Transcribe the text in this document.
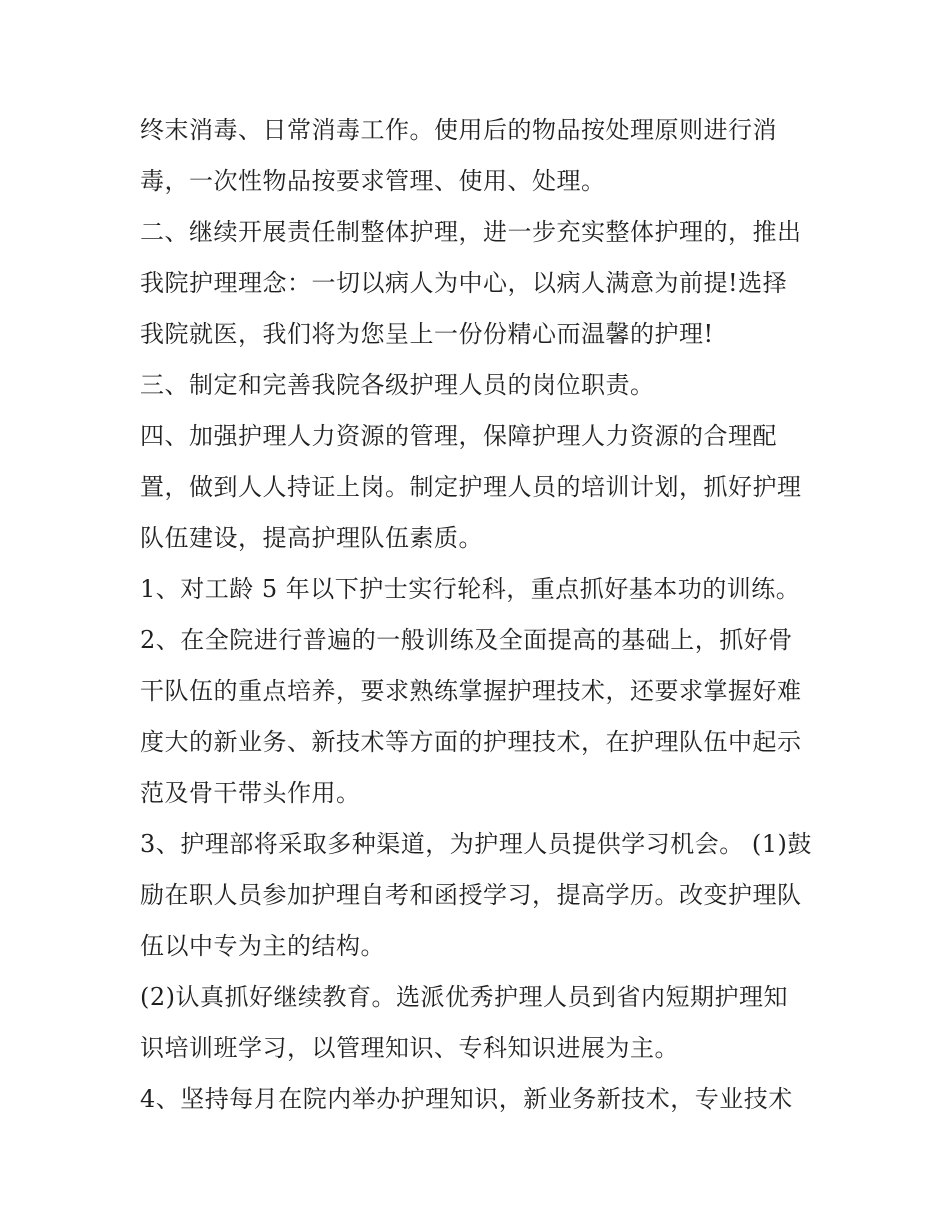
终末消毒、日常消毒工作。使用后的物品按处理原则进行消
毒，一次性物品按要求管理、使用、处理。
二、继续开展责任制整体护理，进一步充实整体护理的，推出
我院护理理念：一切以病人为中心，以病人满意为前提!选择
我院就医，我们将为您呈上一份份精心而温馨的护理!
三、制定和完善我院各级护理人员的岗位职责。
四、加强护理人力资源的管理，保障护理人力资源的合理配
置，做到人人持证上岗。制定护理人员的培训计划，抓好护理
队伍建设，提高护理队伍素质。
1、对工龄 5 年以下护士实行轮科，重点抓好基本功的训练。
2、在全院进行普遍的一般训练及全面提高的基础上，抓好骨
干队伍的重点培养，要求熟练掌握护理技术，还要求掌握好难
度大的新业务、新技术等方面的护理技术，在护理队伍中起示
范及骨干带头作用。
3、护理部将采取多种渠道，为护理人员提供学习机会。 (1)鼓
励在职人员参加护理自考和函授学习，提高学历。改变护理队
伍以中专为主的结构。
(2)认真抓好继续教育。选派优秀护理人员到省内短期护理知
识培训班学习，以管理知识、专科知识进展为主。
4、坚持每月在院内举办护理知识，新业务新技术，专业技术
